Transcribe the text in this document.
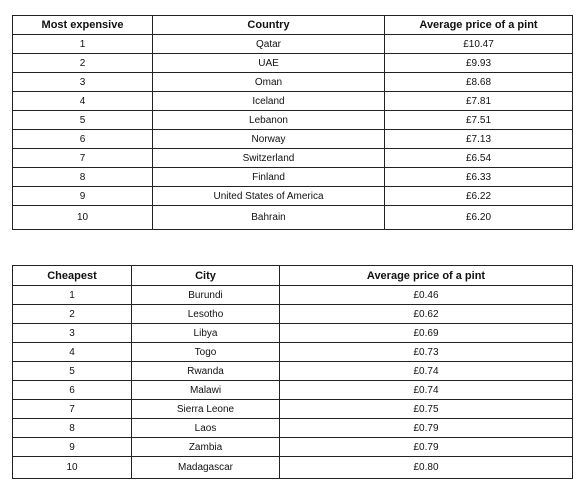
Most expensive	Country	Average price of a pint
1	Qatar	£10.47
2	UAE	£9.93
3	Oman	£8.68
4	Iceland	£7.81
5	Lebanon	£7.51
6	Norway	£7.13
7	Switzerland	£6.54
8	Finland	£6.33
9	United States of America	£6.22
10	Bahrain	£6.20
Cheapest	City	Average price of a pint
1	Burundi	£0.46
2	Lesotho	£0.62
3	Libya	£0.69
4	Togo	£0.73
5	Rwanda	£0.74
6	Malawi	£0.74
7	Sierra Leone	£0.75
8	Laos	£0.79
9	Zambia	£0.79
10	Madagascar	£0.80
